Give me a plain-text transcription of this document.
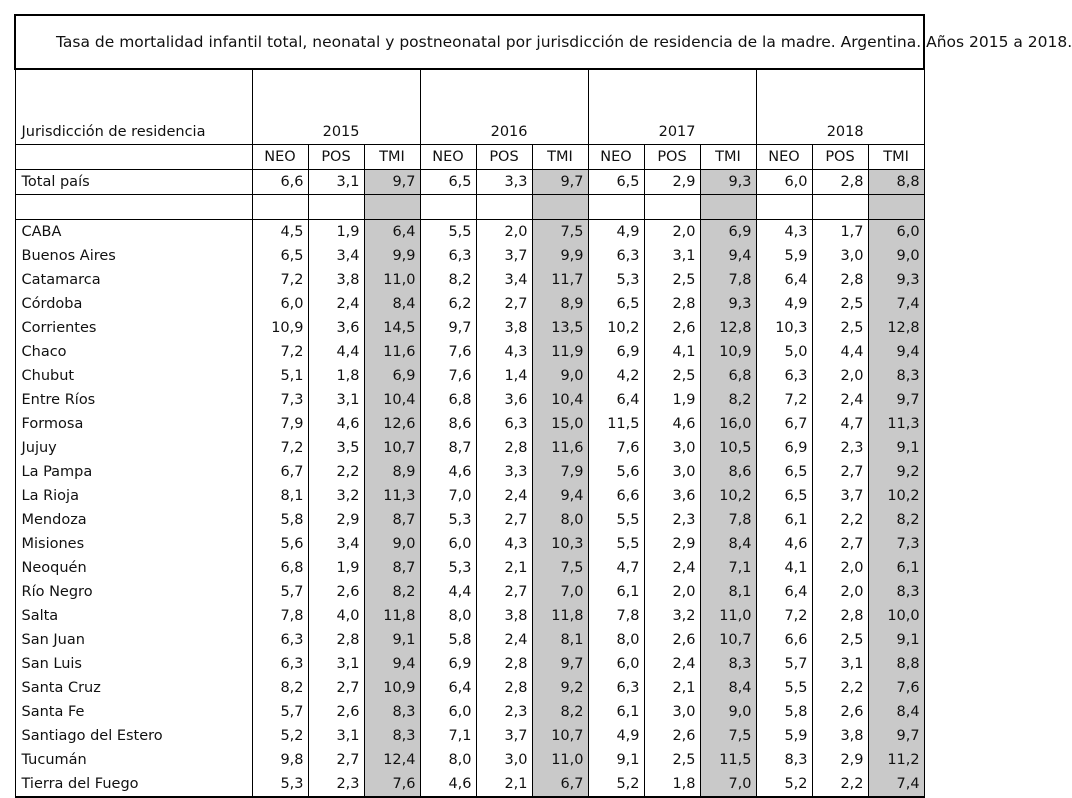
Tasa de mortalidad infantil total, neonatal y postneonatal por jurisdicción de residencia de la madre. Argentina. Años 2015 a 2018.												
Jurisdicción de residencia	2015			2016			2017			2018		
	NEO	POS	TMI	NEO	POS	TMI	NEO	POS	TMI	NEO	POS	TMI
Total país	6,6	3,1	9,7	6,5	3,3	9,7	6,5	2,9	9,3	6,0	2,8	8,8

CABA	4,5	1,9	6,4	5,5	2,0	7,5	4,9	2,0	6,9	4,3	1,7	6,0
Buenos Aires	6,5	3,4	9,9	6,3	3,7	9,9	6,3	3,1	9,4	5,9	3,0	9,0
Catamarca	7,2	3,8	11,0	8,2	3,4	11,7	5,3	2,5	7,8	6,4	2,8	9,3
Córdoba	6,0	2,4	8,4	6,2	2,7	8,9	6,5	2,8	9,3	4,9	2,5	7,4
Corrientes	10,9	3,6	14,5	9,7	3,8	13,5	10,2	2,6	12,8	10,3	2,5	12,8
Chaco	7,2	4,4	11,6	7,6	4,3	11,9	6,9	4,1	10,9	5,0	4,4	9,4
Chubut	5,1	1,8	6,9	7,6	1,4	9,0	4,2	2,5	6,8	6,3	2,0	8,3
Entre Ríos	7,3	3,1	10,4	6,8	3,6	10,4	6,4	1,9	8,2	7,2	2,4	9,7
Formosa	7,9	4,6	12,6	8,6	6,3	15,0	11,5	4,6	16,0	6,7	4,7	11,3
Jujuy	7,2	3,5	10,7	8,7	2,8	11,6	7,6	3,0	10,5	6,9	2,3	9,1
La Pampa	6,7	2,2	8,9	4,6	3,3	7,9	5,6	3,0	8,6	6,5	2,7	9,2
La Rioja	8,1	3,2	11,3	7,0	2,4	9,4	6,6	3,6	10,2	6,5	3,7	10,2
Mendoza	5,8	2,9	8,7	5,3	2,7	8,0	5,5	2,3	7,8	6,1	2,2	8,2
Misiones	5,6	3,4	9,0	6,0	4,3	10,3	5,5	2,9	8,4	4,6	2,7	7,3
Neoquén	6,8	1,9	8,7	5,3	2,1	7,5	4,7	2,4	7,1	4,1	2,0	6,1
Río Negro	5,7	2,6	8,2	4,4	2,7	7,0	6,1	2,0	8,1	6,4	2,0	8,3
Salta	7,8	4,0	11,8	8,0	3,8	11,8	7,8	3,2	11,0	7,2	2,8	10,0
San Juan	6,3	2,8	9,1	5,8	2,4	8,1	8,0	2,6	10,7	6,6	2,5	9,1
San Luis	6,3	3,1	9,4	6,9	2,8	9,7	6,0	2,4	8,3	5,7	3,1	8,8
Santa Cruz	8,2	2,7	10,9	6,4	2,8	9,2	6,3	2,1	8,4	5,5	2,2	7,6
Santa Fe	5,7	2,6	8,3	6,0	2,3	8,2	6,1	3,0	9,0	5,8	2,6	8,4
Santiago del Estero	5,2	3,1	8,3	7,1	3,7	10,7	4,9	2,6	7,5	5,9	3,8	9,7
Tucumán	9,8	2,7	12,4	8,0	3,0	11,0	9,1	2,5	11,5	8,3	2,9	11,2
Tierra del Fuego	5,3	2,3	7,6	4,6	2,1	6,7	5,2	1,8	7,0	5,2	2,2	7,4
